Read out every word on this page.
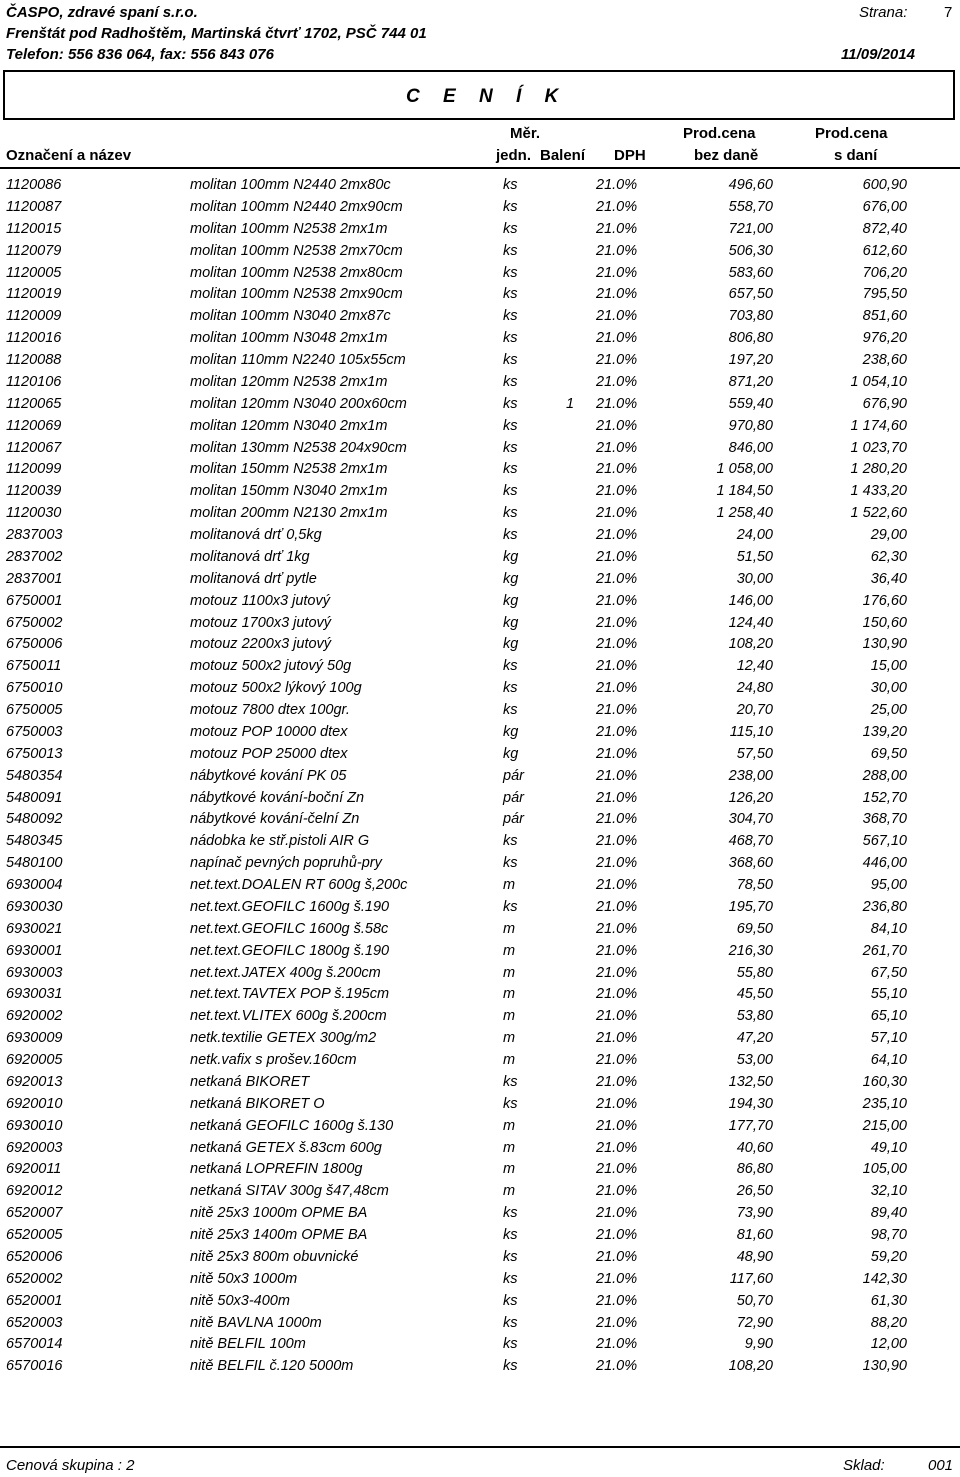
ČASPO, zdravé spaní s.r.o.
Frenštát pod Radhoštěm, Martinská čtvrť 1702, PSČ 744 01
Telefon: 556 836 064, fax: 556 843 076
Strana: 7
11/09/2014
C E N Í K
Měr.
jedn.
Označení a název	Balení DPH
Prod.cena
bez daně
Prod.cena
s daní
1120086	molitan 100mm N2440 2mx80c	ks	21.0%	496,60	600,90
1120087	molitan 100mm N2440 2mx90cm	ks	21.0%	558,70	676,00
1120015	molitan 100mm N2538 2mx1m	ks	21.0%	721,00	872,40
1120079	molitan 100mm N2538 2mx70cm	ks	21.0%	506,30	612,60
1120005	molitan 100mm N2538 2mx80cm	ks	21.0%	583,60	706,20
1120019	molitan 100mm N2538 2mx90cm	ks	21.0%	657,50	795,50
1120009	molitan 100mm N3040 2mx87c	ks	21.0%	703,80	851,60
1120016	molitan 100mm N3048 2mx1m	ks	21.0%	806,80	976,20
1120088	molitan 110mm N2240 105x55cm	ks	21.0%	197,20	238,60
1120106	molitan 120mm N2538 2mx1m	ks	21.0%	871,20	1 054,10
1120065	molitan 120mm N3040 200x60cm	ks	1 21.0%	559,40	676,90
1120069	molitan 120mm N3040 2mx1m	ks	21.0%	970,80	1 174,60
1120067	molitan 130mm N2538 204x90cm	ks	21.0%	846,00	1 023,70
1120099	molitan 150mm N2538 2mx1m	ks	21.0%	1 058,00	1 280,20
1120039	molitan 150mm N3040 2mx1m	ks	21.0%	1 184,50	1 433,20
1120030	molitan 200mm N2130 2mx1m	ks	21.0%	1 258,40	1 522,60
2837003	molitanová drť 0,5kg	ks	21.0%	24,00	29,00
2837002	molitanová drť 1kg	kg	21.0%	51,50	62,30
2837001	molitanová drť pytle	kg	21.0%	30,00	36,40
6750001	motouz 1100x3 jutový	kg	21.0%	146,00	176,60
6750002	motouz 1700x3 jutový	kg	21.0%	124,40	150,60
6750006	motouz 2200x3 jutový	kg	21.0%	108,20	130,90
6750011	motouz 500x2 jutový 50g	ks	21.0%	12,40	15,00
6750010	motouz 500x2 lýkový 100g	ks	21.0%	24,80	30,00
6750005	motouz 7800 dtex 100gr.	ks	21.0%	20,70	25,00
6750003	motouz POP 10000 dtex	kg	21.0%	115,10	139,20
6750013	motouz POP 25000 dtex	kg	21.0%	57,50	69,50
5480354	nábytkové kování PK 05	pár	21.0%	238,00	288,00
5480091	nábytkové kování-boční Zn	pár	21.0%	126,20	152,70
5480092	nábytkové kování-čelní Zn	pár	21.0%	304,70	368,70
5480345	nádobka ke stř.pistoli AIR G	ks	21.0%	468,70	567,10
5480100	napínač pevných popruhů-pry	ks	21.0%	368,60	446,00
6930004	net.text.DOALEN RT 600g š,200c	m	21.0%	78,50	95,00
6930030	net.text.GEOFILC 1600g š.190	ks	21.0%	195,70	236,80
6930021	net.text.GEOFILC 1600g š.58c	m	21.0%	69,50	84,10
6930001	net.text.GEOFILC 1800g š.190	m	21.0%	216,30	261,70
6930003	net.text.JATEX 400g š.200cm	m	21.0%	55,80	67,50
6930031	net.text.TAVTEX POP š.195cm	m	21.0%	45,50	55,10
6920002	net.text.VLITEX 600g š.200cm	m	21.0%	53,80	65,10
6930009	netk.textilie GETEX 300g/m2	m	21.0%	47,20	57,10
6920005	netk.vafix s prošev.160cm	m	21.0%	53,00	64,10
6920013	netkaná BIKORET	ks	21.0%	132,50	160,30
6920010	netkaná BIKORET O	ks	21.0%	194,30	235,10
6930010	netkaná GEOFILC 1600g š.130	m	21.0%	177,70	215,00
6920003	netkaná GETEX š.83cm 600g	m	21.0%	40,60	49,10
6920011	netkaná LOPREFIN 1800g	m	21.0%	86,80	105,00
6920012	netkaná SITAV 300g š47,48cm	m	21.0%	26,50	32,10
6520007	nitě 25x3 1000m OPME BA	ks	21.0%	73,90	89,40
6520005	nitě 25x3 1400m OPME BA	ks	21.0%	81,60	98,70
6520006	nitě 25x3 800m obuvnické	ks	21.0%	48,90	59,20
6520002	nitě 50x3 1000m	ks	21.0%	117,60	142,30
6520001	nitě 50x3-400m	ks	21.0%	50,70	61,30
6520003	nitě BAVLNA 1000m	ks	21.0%	72,90	88,20
6570014	nitě BELFIL 100m	ks	21.0%	9,90	12,00
6570016	nitě BELFIL č.120 5000m	ks	21.0%	108,20	130,90
Cenová skupina : 2	Sklad:	001
